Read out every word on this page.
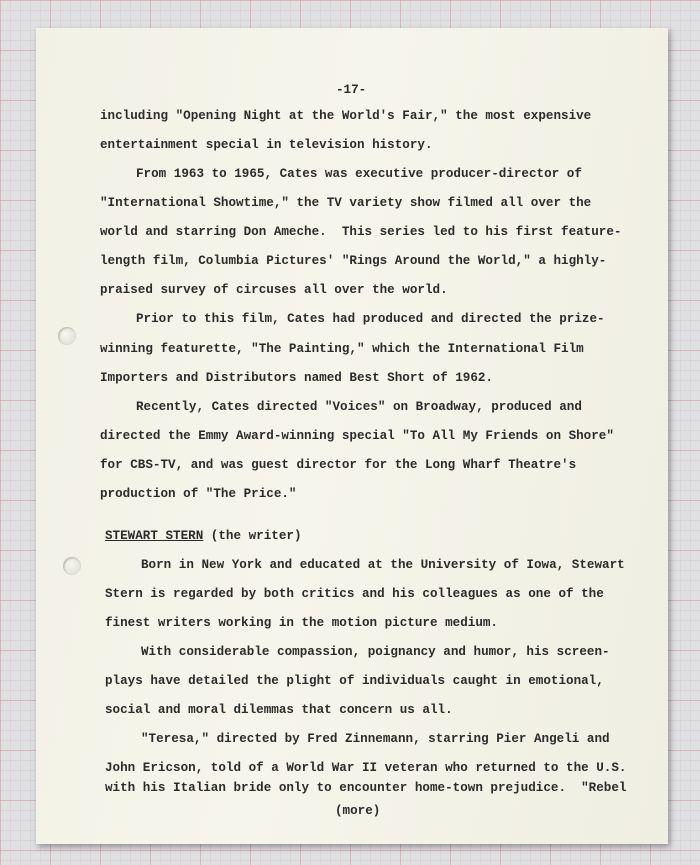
-17-
including "Opening Night at the World's Fair," the most expensive
entertainment special in television history.
From 1963 to 1965, Cates was executive producer-director of
"International Showtime," the TV variety show filmed all over the
world and starring Don Ameche.  This series led to his first feature-
length film, Columbia Pictures' "Rings Around the World," a highly-
praised survey of circuses all over the world.
Prior to this film, Cates had produced and directed the prize-
winning featurette, "The Painting," which the International Film
Importers and Distributors named Best Short of 1962.
Recently, Cates directed "Voices" on Broadway, produced and
directed the Emmy Award-winning special "To All My Friends on Shore"
for CBS-TV, and was guest director for the Long Wharf Theatre's
production of "The Price."
STEWART STERN (the writer)
Born in New York and educated at the University of Iowa, Stewart
Stern is regarded by both critics and his colleagues as one of the
finest writers working in the motion picture medium.
With considerable compassion, poignancy and humor, his screen-
plays have detailed the plight of individuals caught in emotional,
social and moral dilemmas that concern us all.
"Teresa," directed by Fred Zinnemann, starring Pier Angeli and
John Ericson, told of a World War II veteran who returned to the U.S.
with his Italian bride only to encounter home-town prejudice.  "Rebel
(more)
